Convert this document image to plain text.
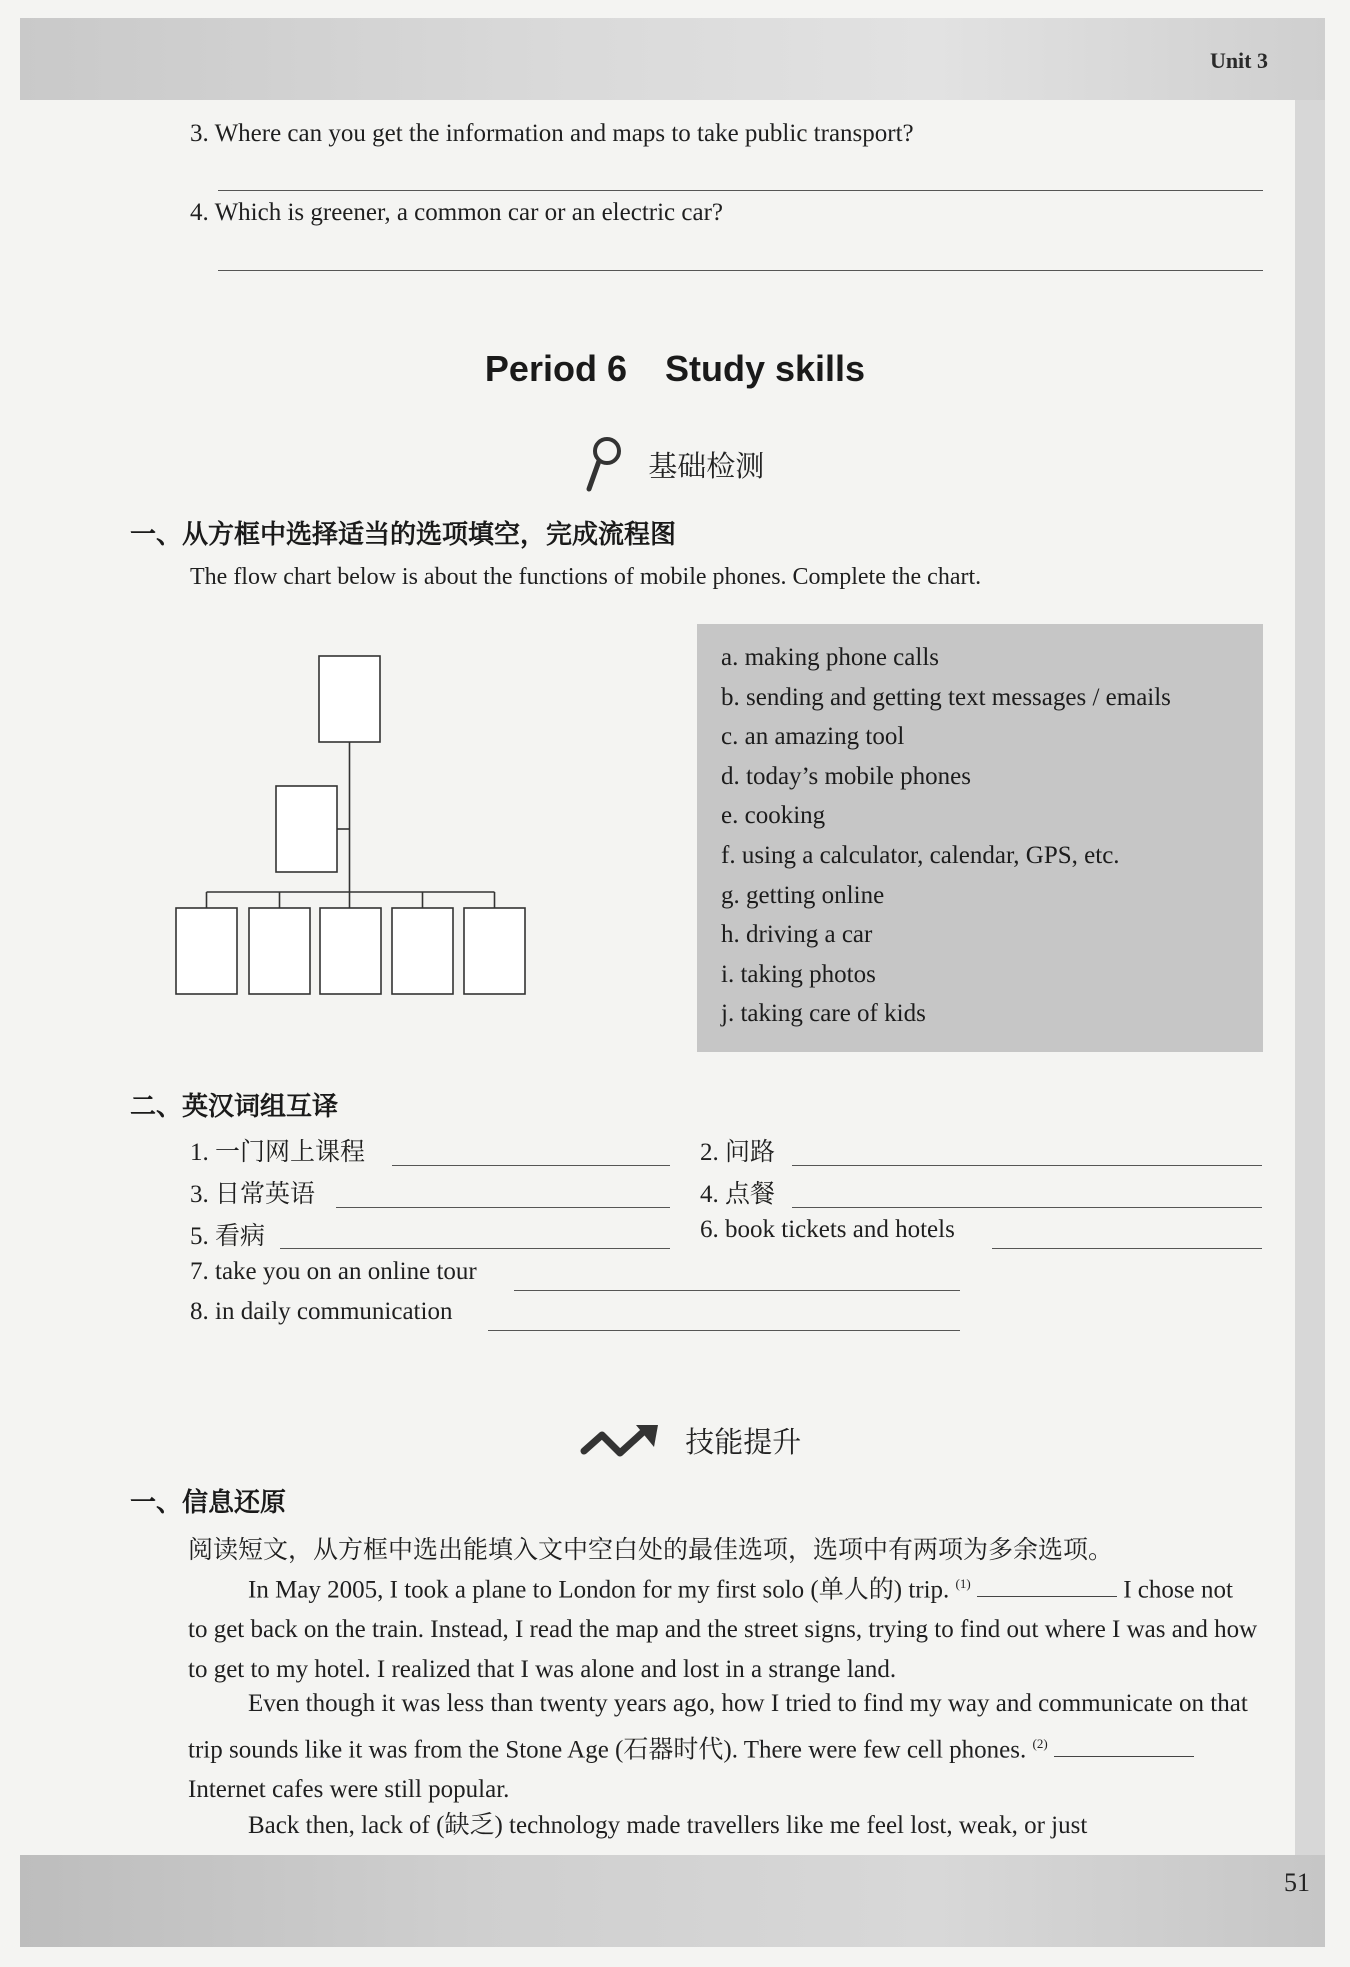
Unit 3
3. Where can you get the information and maps to take public transport?
4. Which is greener, a common car or an electric car?
Period 6 Study skills
基础检测
一、从方框中选择适当的选项填空，完成流程图
The flow chart below is about the functions of mobile phones. Complete the chart.
a. making phone calls
b. sending and getting text messages / emails
c. an amazing tool
d. today’s mobile phones
e. cooking
f. using a calculator, calendar, GPS, etc.
g. getting online
h. driving a car
i. taking photos
j. taking care of kids
二、英汉词组互译
1. 一门网上课程	2. 问路
3. 日常英语	4. 点餐
5. 看病	6. book tickets and hotels
7. take you on an online tour
8. in daily communication
技能提升
一、信息还原
阅读短文，从方框中选出能填入文中空白处的最佳选项，选项中有两项为多余选项。
In May 2005, I took a plane to London for my first solo (单人的) trip. $^{(1)}$	I chose not to get back on the train. Instead, I read the map and the street signs, trying to find out where I was and how to get to my hotel. I realized that I was alone and lost in a strange land.
Even though it was less than twenty years ago, how I tried to find my way and communicate on that trip sounds like it was from the Stone Age (石器时代). There were few cell phones. $^{(2)}$  Internet cafes were still popular.
Back then, lack of (缺乏) technology made travellers like me feel lost, weak, or just
51
